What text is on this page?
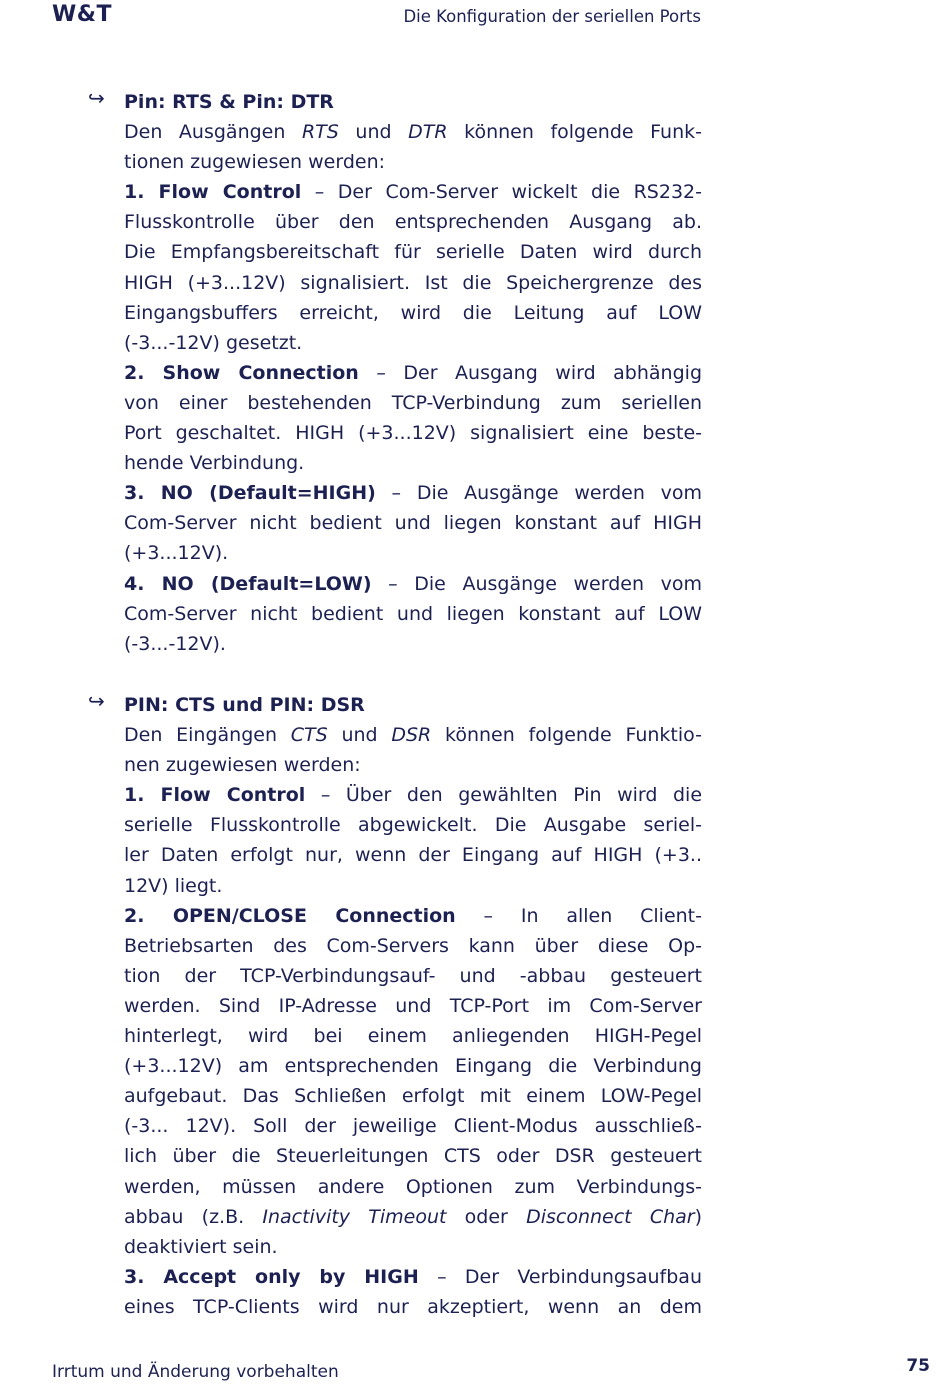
W&T	Die Konfiguration der seriellen Ports
↪ Pin: RTS & Pin: DTR
Den Ausgängen RTS und DTR können folgende Funk-
tionen zugewiesen werden:
1. Flow Control – Der Com-Server wickelt die RS232-
Flusskontrolle über den entsprechenden Ausgang ab.
Die Empfangsbereitschaft für serielle Daten wird durch
HIGH (+3...12V) signalisiert. Ist die Speichergrenze des
Eingangsbuffers erreicht, wird die Leitung auf LOW
(-3...-12V) gesetzt.
2. Show Connection – Der Ausgang wird abhängig
von einer bestehenden TCP-Verbindung zum seriellen
Port geschaltet. HIGH (+3...12V) signalisiert eine beste-
hende Verbindung.
3. NO (Default=HIGH) – Die Ausgänge werden vom
Com-Server nicht bedient und liegen konstant auf HIGH
(+3...12V).
4. NO (Default=LOW) – Die Ausgänge werden vom
Com-Server nicht bedient und liegen konstant auf LOW
(-3...-12V).
↪ PIN: CTS und PIN: DSR
Den Eingängen CTS und DSR können folgende Funktio-
nen zugewiesen werden:
1. Flow Control – Über den gewählten Pin wird die
serielle Flusskontrolle abgewickelt. Die Ausgabe seriel-
ler Daten erfolgt nur, wenn der Eingang auf HIGH (+3..
12V) liegt.
2. OPEN/CLOSE Connection – In allen Client-
Betriebsarten des Com-Servers kann über diese Op-
tion der TCP-Verbindungsauf- und -abbau gesteuert
werden. Sind IP-Adresse und TCP-Port im Com-Server
hinterlegt, wird bei einem anliegenden HIGH-Pegel
(+3...12V) am entsprechenden Eingang die Verbindung
aufgebaut. Das Schließen erfolgt mit einem LOW-Pegel
(-3... 12V). Soll der jeweilige Client-Modus ausschließ-
lich über die Steuerleitungen CTS oder DSR gesteuert
werden, müssen andere Optionen zum Verbindungs-
abbau (z.B. Inactivity Timeout oder Disconnect Char)
deaktiviert sein.
3. Accept only by HIGH – Der Verbindungsaufbau
eines TCP-Clients wird nur akzeptiert, wenn an dem
Irrtum und Änderung vorbehalten	75
